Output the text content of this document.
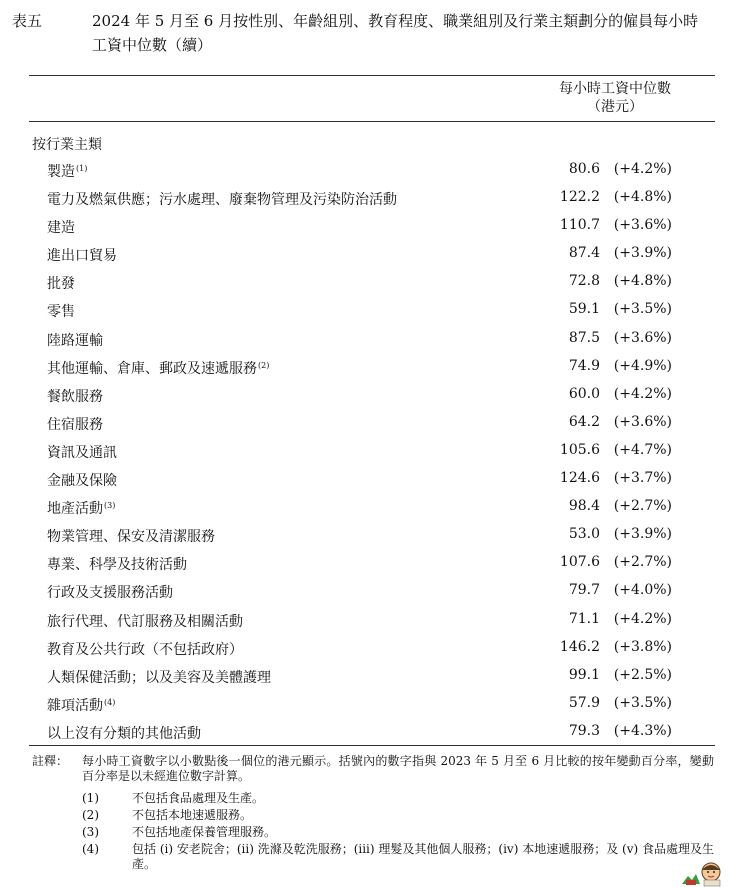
表五	2024 年 5 月至 6 月按性別、年齡組別、教育程度、職業組別及行業主類劃分的僱員每小時工資中位數（續）
每小時工資中位數
（港元）
按行業主類
製造$^{(1)}$	80.6 (+4.2%)
電力及燃氣供應；污水處理、廢棄物管理及污染防治活動	122.2 (+4.8%)
建造	110.7 (+3.6%)
進出口貿易	87.4 (+3.9%)
批發	72.8 (+4.8%)
零售	59.1 (+3.5%)
陸路運輸	87.5 (+3.6%)
其他運輸、倉庫、郵政及速遞服務$^{(2)}$	74.9 (+4.9%)
餐飲服務	60.0 (+4.2%)
住宿服務	64.2 (+3.6%)
資訊及通訊	105.6 (+4.7%)
金融及保險	124.6 (+3.7%)
地產活動$^{(3)}$	98.4 (+2.7%)
物業管理、保安及清潔服務	53.0 (+3.9%)
專業、科學及技術活動	107.6 (+2.7%)
行政及支援服務活動	79.7 (+4.0%)
旅行代理、代訂服務及相關活動	71.1 (+4.2%)
教育及公共行政（不包括政府）	146.2 (+3.8%)
人類保健活動；以及美容及美體護理	99.1 (+2.5%)
雜項活動$^{(4)}$	57.9 (+3.5%)
以上沒有分類的其他活動	79.3 (+4.3%)
註釋： 每小時工資數字以小數點後一個位的港元顯示。括號內的數字指與 2023 年 5 月至 6 月比較的按年變動百分率，變動百分率是以未經進位數字計算。
(1)	不包括食品處理及生產。
(2)	不包括本地速遞服務。
(3)	不包括地產保養管理服務。
(4)	包括 (i) 安老院舍；(ii) 洗滌及乾洗服務；(iii) 理髮及其他個人服務；(iv) 本地速遞服務；及 (v) 食品處理及生產。
